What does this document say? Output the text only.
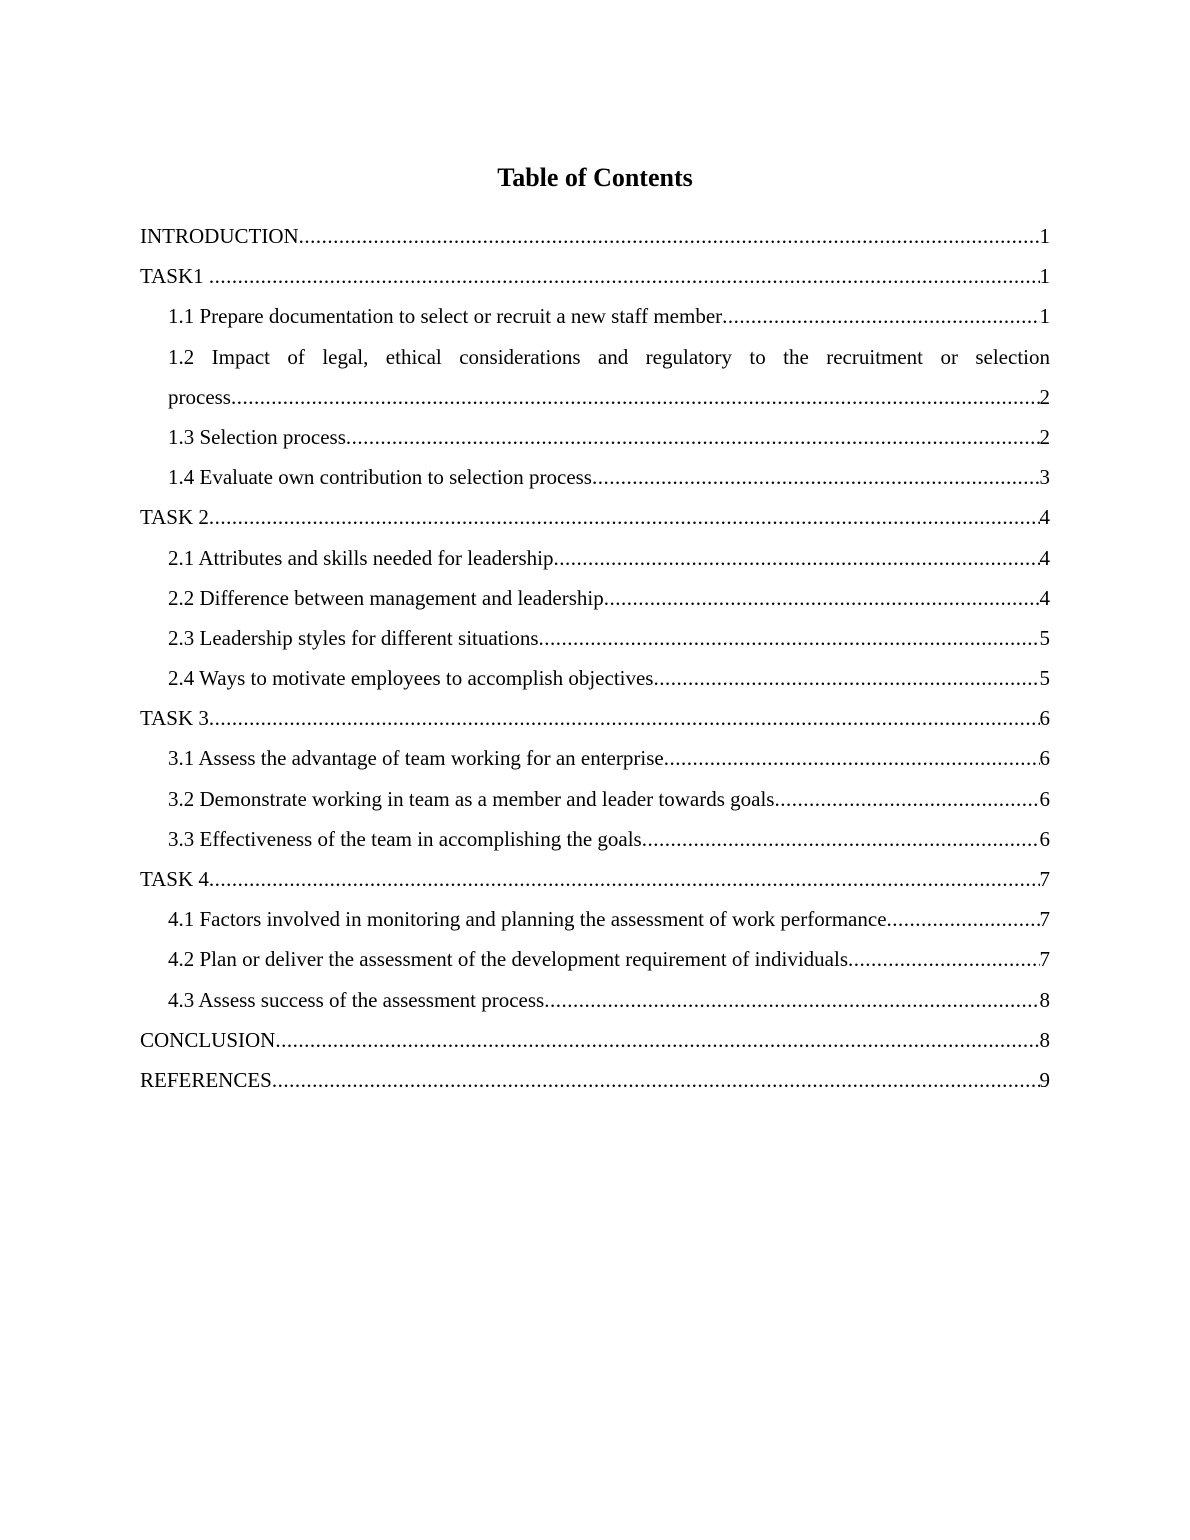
Table of Contents
INTRODUCTION .....	1
TASK1 .....	1
1.1 Prepare documentation to select or recruit a new staff member .....	1
1.2 Impact of legal, ethical considerations and regulatory to the recruitment or selection
process .....	2
1.3 Selection process .....	2
1.4 Evaluate own contribution to selection process .....	3
TASK 2 .....	4
2.1 Attributes and skills needed for leadership .....	4
2.2 Difference between management and leadership .....	4
2.3 Leadership styles for different situations .....	5
2.4 Ways to motivate employees to accomplish objectives .....	5
TASK 3 .....	6
3.1 Assess the advantage of team working for an enterprise .....	6
3.2 Demonstrate working in team as a member and leader towards goals .....	6
3.3 Effectiveness of the team in accomplishing the goals .....	6
TASK 4 .....	7
4.1 Factors involved in monitoring and planning the assessment of work performance .....	7
4.2 Plan or deliver the assessment of the development requirement of individuals .....	7
4.3 Assess success of the assessment process .....	8
CONCLUSION .....	8
REFERENCES .....	9
